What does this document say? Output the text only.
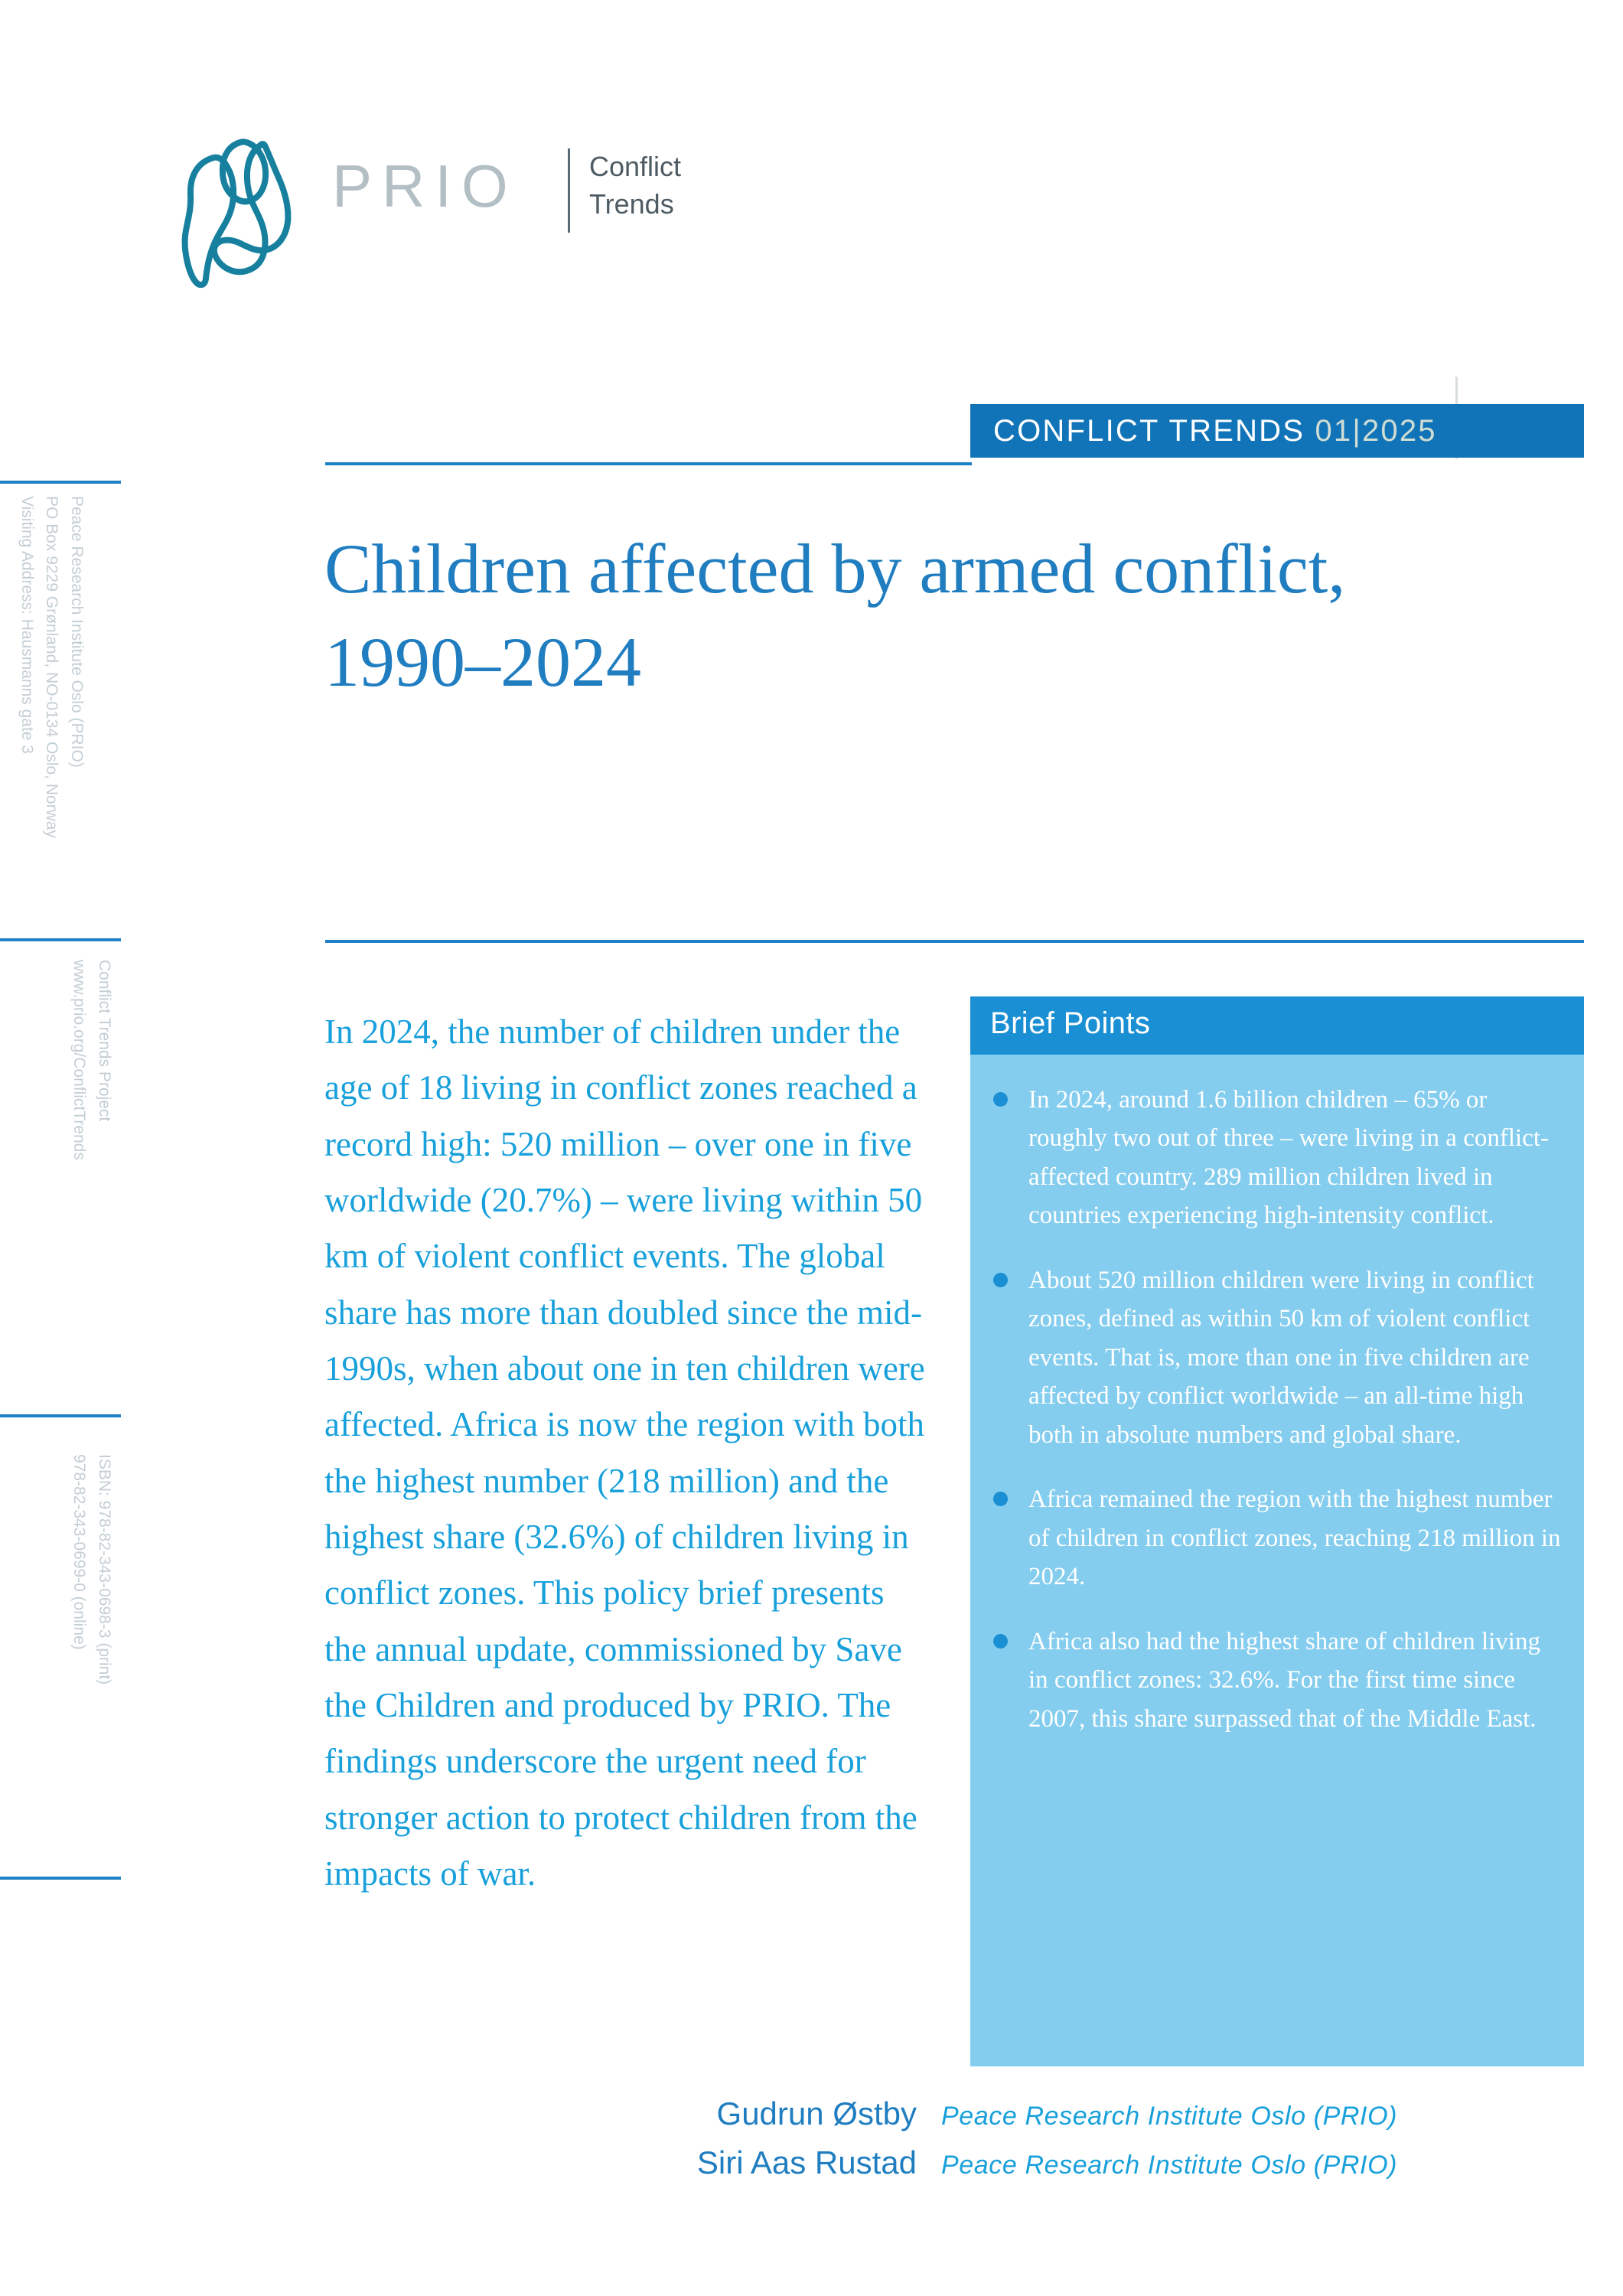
PRIO	Conflict
Trends
Peace Research Institute Oslo (PRIO)
PO Box 9229 Grønland, NO-0134 Oslo, Norway
Visiting Address: Hausmanns gate 3
Conflict Trends Project
www.prio.org/ConflictTrends
ISBN: 978-82-343-0698-3 (print)
978-82-343-0699-0 (online)
CONFLICT TRENDS 01|2025
Children affected by armed conflict, 1990–2024
In 2024, the number of children under the age of 18 living in conflict zones reached a record high: 520 million – over one in five worldwide (20.7%) – were living within 50 km of violent conflict events. The global share has more than doubled since the mid-1990s, when about one in ten children were affected. Africa is now the region with both the highest number (218 million) and the highest share (32.6%) of children living in conflict zones. This policy brief presents the annual update, commissioned by Save the Children and produced by PRIO. The findings underscore the urgent need for stronger action to protect children from the impacts of war.
Brief Points
In 2024, around 1.6 billion children – 65% or roughly two out of three – were living in a conflict-affected country. 289 million children lived in countries experiencing high-intensity conflict.
About 520 million children were living in conflict zones, defined as within 50 km of violent conflict events. That is, more than one in five children are affected by conflict worldwide – an all-time high both in absolute numbers and global share.
Africa remained the region with the highest number of children in conflict zones, reaching 218 million in 2024.
Africa also had the highest share of children living in conflict zones: 32.6%. For the first time since 2007, this share surpassed that of the Middle East.
Gudrun Østby Peace Research Institute Oslo (PRIO)
Siri Aas Rustad Peace Research Institute Oslo (PRIO)
